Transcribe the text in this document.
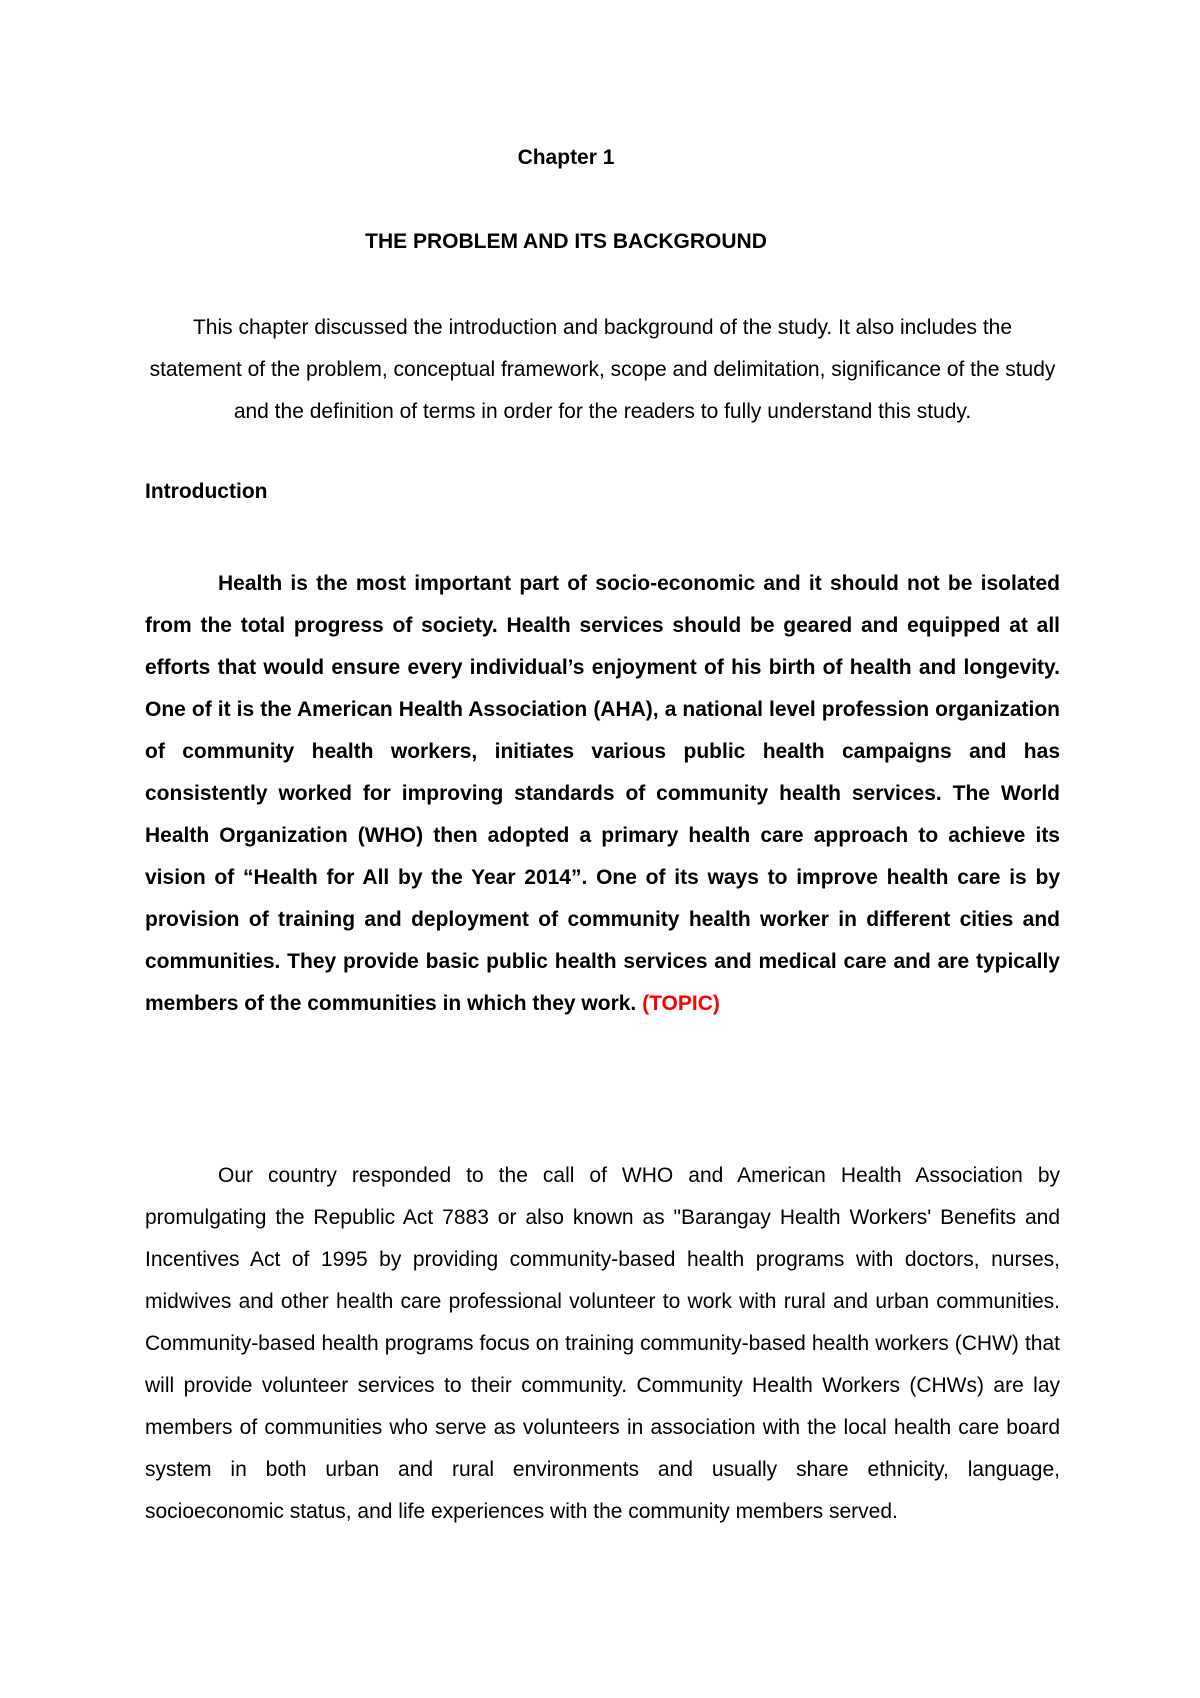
Chapter 1
THE PROBLEM AND ITS BACKGROUND

This chapter discussed the introduction and background of the study. It also includes the statement of the problem, conceptual framework, scope and delimitation, significance of the study and the definition of terms in order for the readers to fully understand this study.

Introduction

Health is the most important part of socio-economic and it should not be isolated from the total progress of society. Health services should be geared and equipped at all efforts that would ensure every individual’s enjoyment of his birth of health and longevity. One of it is the American Health Association (AHA), a national level profession organization of community health workers, initiates various public health campaigns and has consistently worked for improving standards of community health services. The World Health Organization (WHO) then adopted a primary health care approach to achieve its vision of “Health for All by the Year 2014”. One of its ways to improve health care is by provision of training and deployment of community health worker in different cities and communities. They provide basic public health services and medical care and are typically members of the communities in which they work. (TOPIC)

Our country responded to the call of WHO and American Health Association by promulgating the Republic Act 7883 or also known as "Barangay Health Workers' Benefits and Incentives Act of 1995 by providing community-based health programs with doctors, nurses, midwives and other health care professional volunteer to work with rural and urban communities. Community-based health programs focus on training community-based health workers (CHW) that will provide volunteer services to their community. Community Health Workers (CHWs) are lay members of communities who serve as volunteers in association with the local health care board system in both urban and rural environments and usually share ethnicity, language, socioeconomic status, and life experiences with the community members served.
